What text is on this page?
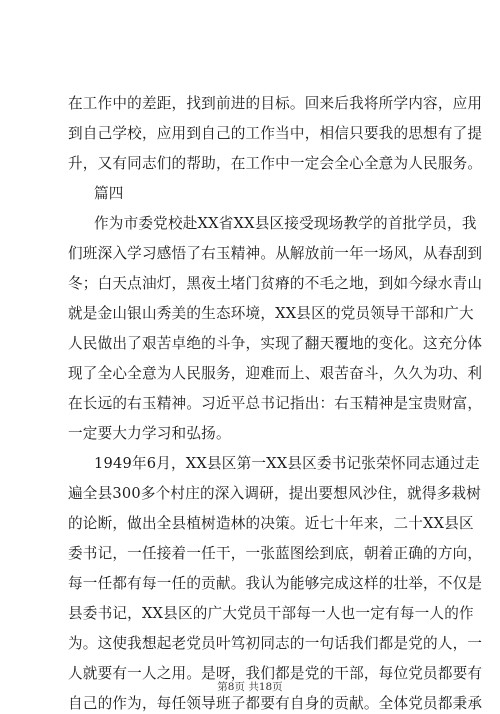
在工作中的差距，找到前进的目标。回来后我将所学内容，应用
到自己学校，应用到自己的工作当中，相信只要我的思想有了提
升，又有同志们的帮助，在工作中一定会全心全意为人民服务。
篇四
作为市委党校赴XX省XX县区接受现场教学的首批学员，我
们班深入学习感悟了右玉精神。从解放前一年一场风，从春刮到
冬；白天点油灯，黑夜土堵门贫瘠的不毛之地，到如今绿水青山
就是金山银山秀美的生态环境，XX县区的党员领导干部和广大
人民做出了艰苦卓绝的斗争，实现了翻天覆地的变化。这充分体
现了全心全意为人民服务，迎难而上、艰苦奋斗，久久为功、利
在长远的右玉精神。习近平总书记指出：右玉精神是宝贵财富，
一定要大力学习和弘扬。
1949年6月，XX县区第一XX县区委书记张荣怀同志通过走
遍全县300多个村庄的深入调研，提出要想风沙住，就得多栽树
的论断，做出全县植树造林的决策。近七十年来，二十XX县区
委书记，一任接着一任干，一张蓝图绘到底，朝着正确的方向，
每一任都有每一任的贡献。我认为能够完成这样的壮举，不仅是
县委书记，XX县区的广大党员干部每一人也一定有每一人的作
为。这使我想起老党员叶笃初同志的一句话我们都是党的人，一
人就要有一人之用。是呀，我们都是党的干部，每位党员都要有
自己的作为，每任领导班子都要有自身的贡献。全体党员都秉承
第8页 共18页
